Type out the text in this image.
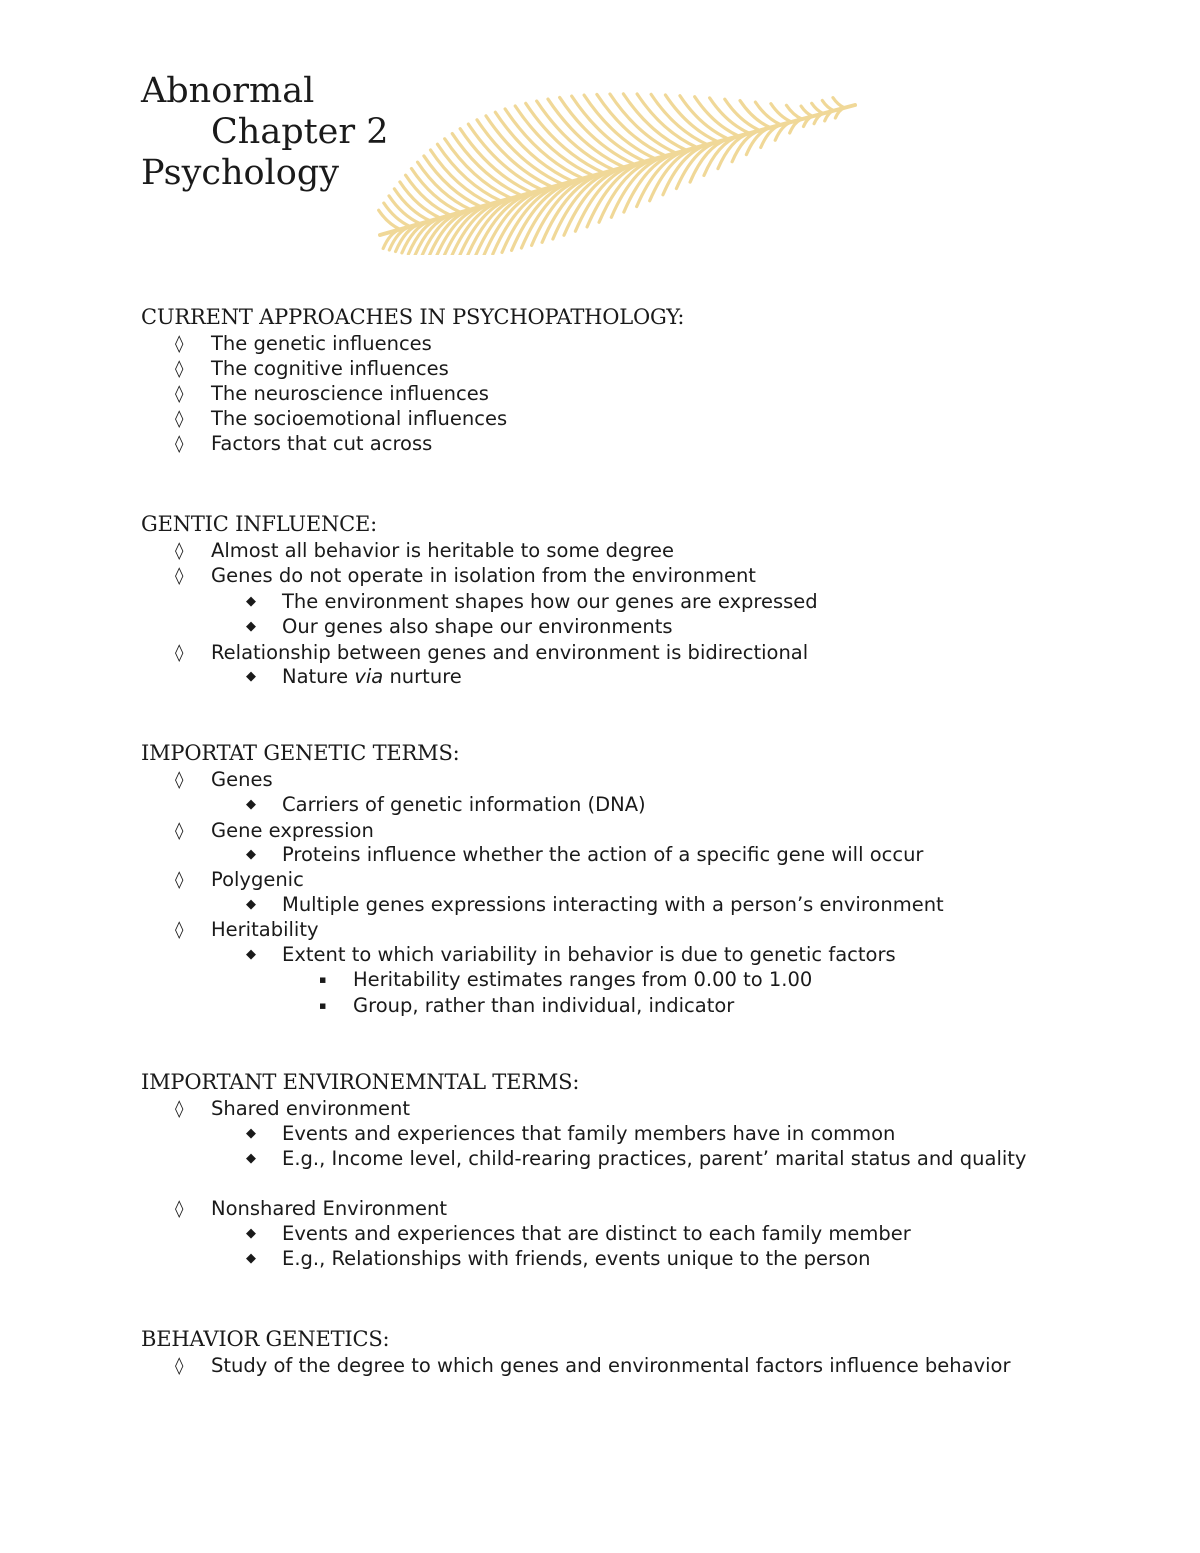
Abnormal
Chapter 2
Psychology
CURRENT APPROACHES IN PSYCHOPATHOLOGY:
◊ The genetic influences
◊ The cognitive influences
◊ The neuroscience influences
◊ The socioemotional influences
◊ Factors that cut across
GENTIC INFLUENCE:
◊ Almost all behavior is heritable to some degree
◊ Genes do not operate in isolation from the environment
◆ The environment shapes how our genes are expressed
◆ Our genes also shape our environments
◊ Relationship between genes and environment is bidirectional
◆ Nature via nurture
IMPORTAT GENETIC TERMS:
◊ Genes
◆ Carriers of genetic information (DNA)
◊ Gene expression
◆ Proteins influence whether the action of a specific gene will occur
◊ Polygenic
◆ Multiple genes expressions interacting with a person’s environment
◊ Heritability
◆ Extent to which variability in behavior is due to genetic factors
▪ Heritability estimates ranges from 0.00 to 1.00
▪ Group, rather than individual, indicator
IMPORTANT ENVIRONEMNTAL TERMS:
◊ Shared environment
◆ Events and experiences that family members have in common
◆ E.g., Income level, child-rearing practices, parent’ marital status and quality
◊ Nonshared Environment
◆ Events and experiences that are distinct to each family member
◆ E.g., Relationships with friends, events unique to the person
BEHAVIOR GENETICS:
◊ Study of the degree to which genes and environmental factors influence behavior
